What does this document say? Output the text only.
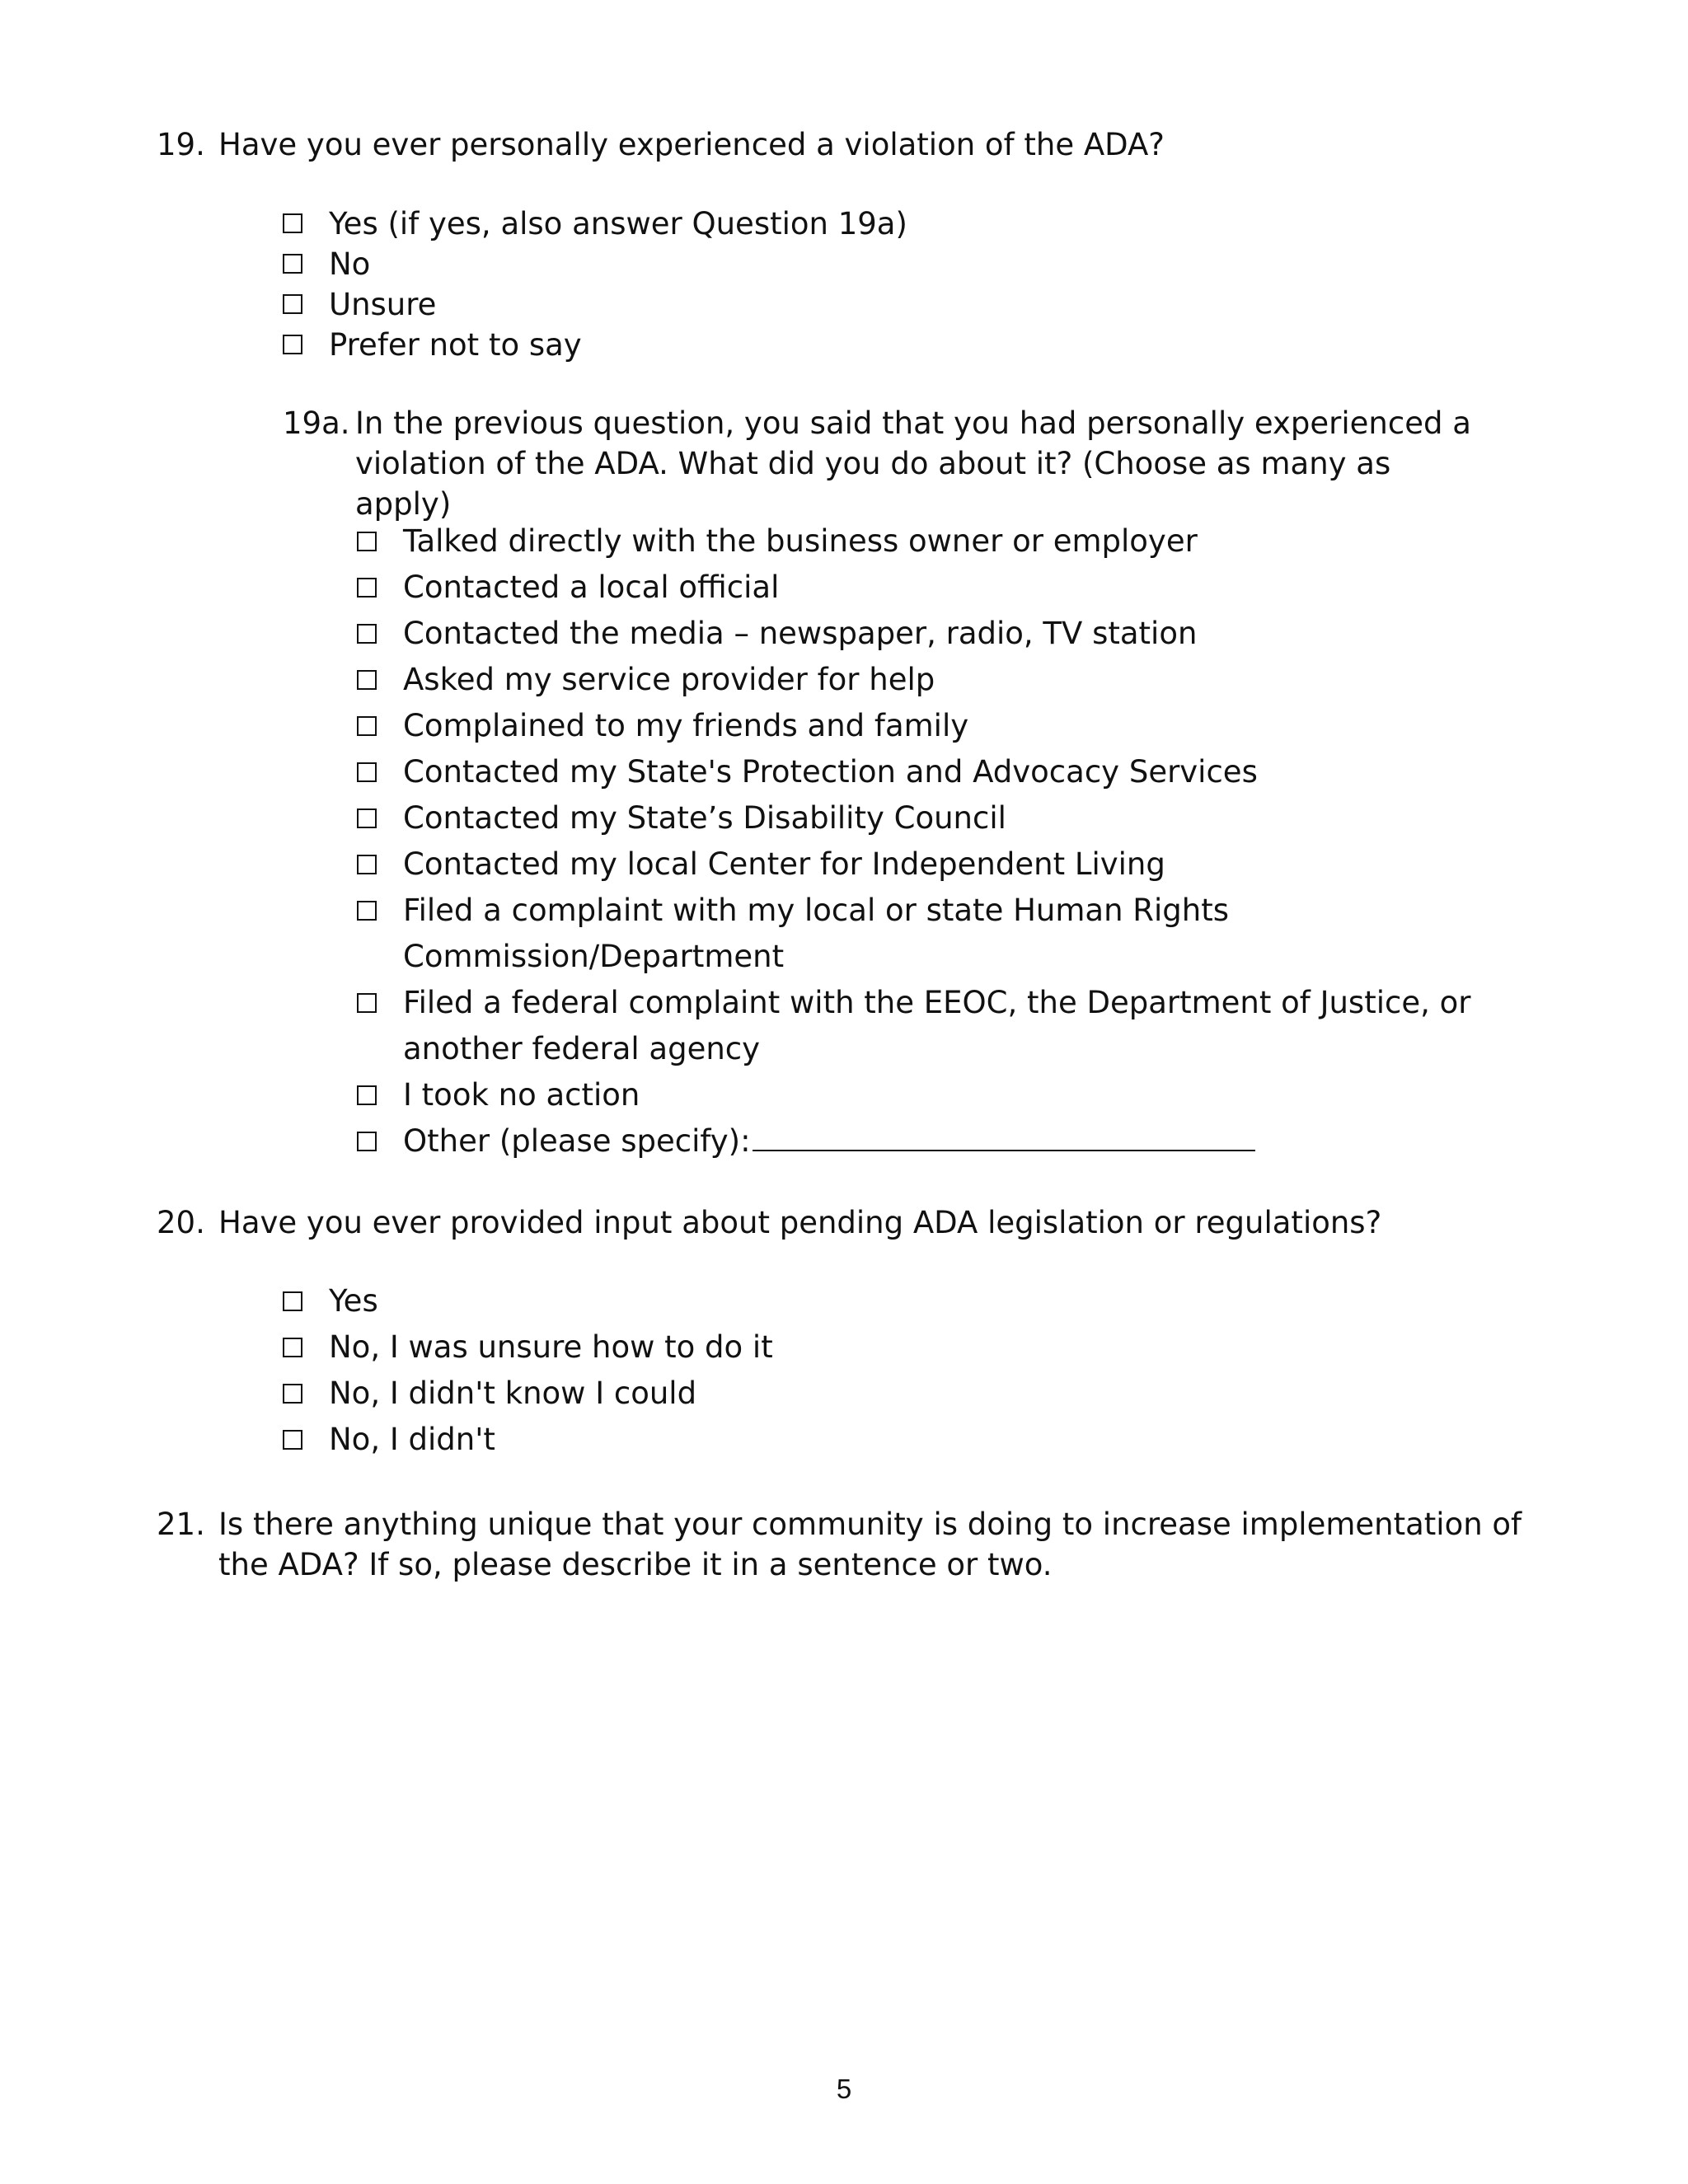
19. Have you ever personally experienced a violation of the ADA?
Yes (if yes, also answer Question 19a)
No
Unsure
Prefer not to say
19a. In the previous question, you said that you had personally experienced a violation of the ADA. What did you do about it? (Choose as many as apply)
Talked directly with the business owner or employer
Contacted a local official
Contacted the media – newspaper, radio, TV station
Asked my service provider for help
Complained to my friends and family
Contacted my State's Protection and Advocacy Services
Contacted my State’s Disability Council
Contacted my local Center for Independent Living
Filed a complaint with my local or state Human Rights Commission/Department
Filed a federal complaint with the EEOC, the Department of Justice, or another federal agency
I took no action
Other (please specify):
20. Have you ever provided input about pending ADA legislation or regulations?
Yes
No, I was unsure how to do it
No, I didn't know I could
No, I didn't
21. Is there anything unique that your community is doing to increase implementation of the ADA? If so, please describe it in a sentence or two.
5
